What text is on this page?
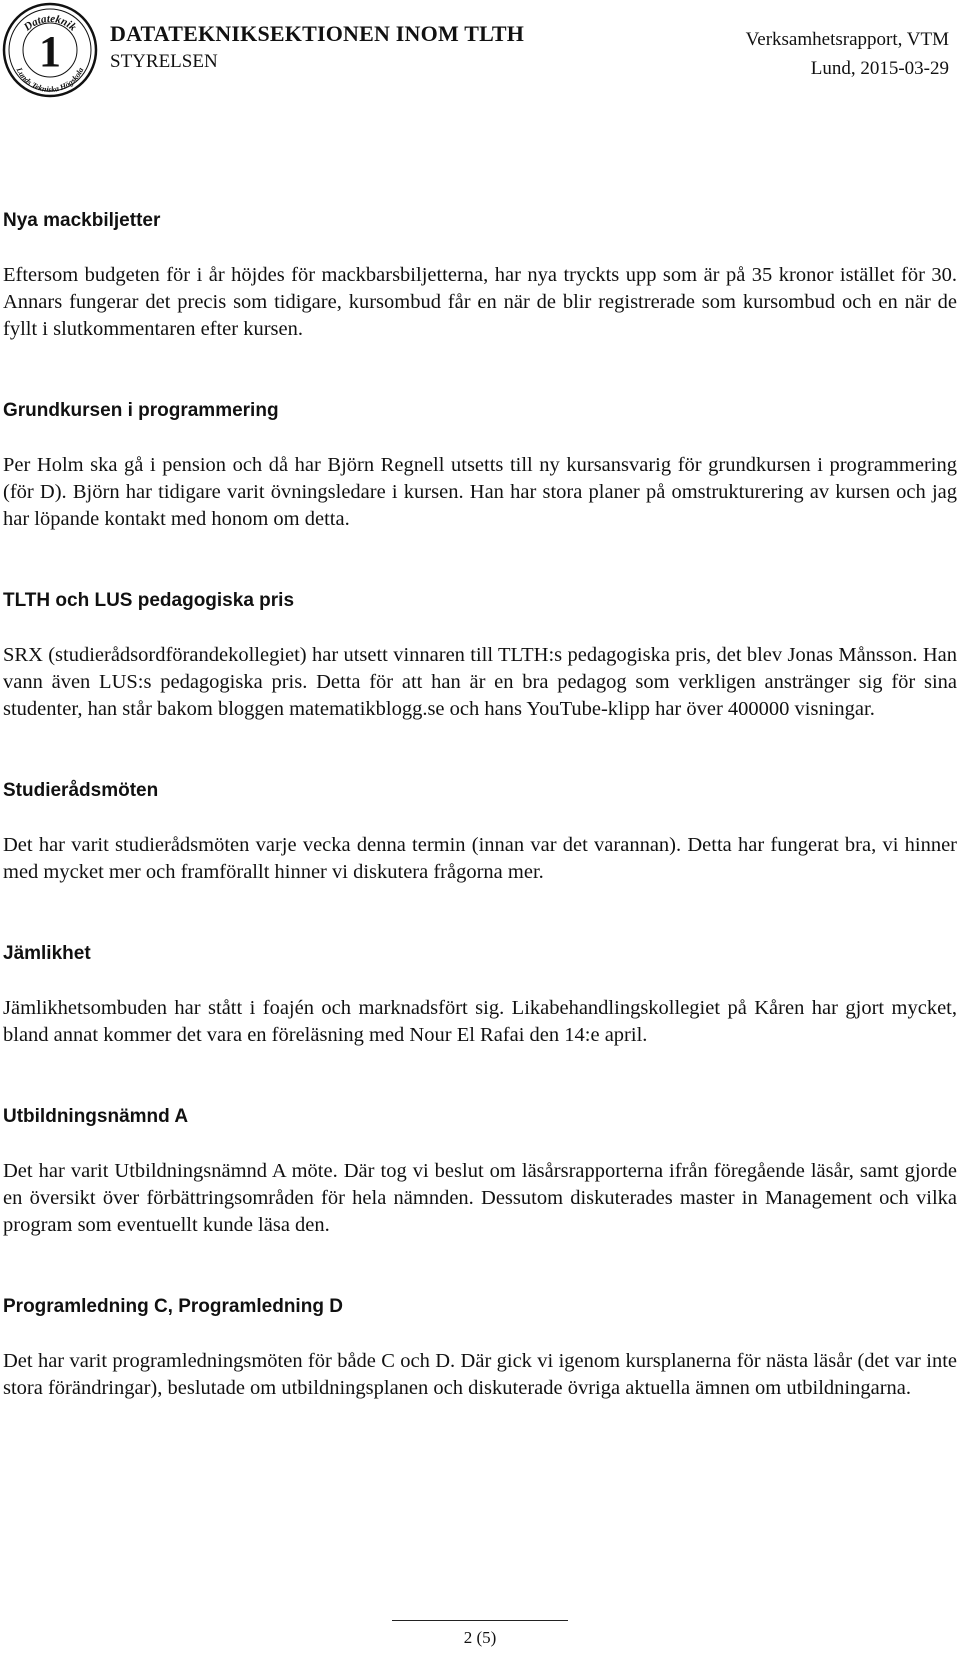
Datateknik
Lunds Tekniska Högskola
1 DATATEKNIKSEKTIONEN INOM TLTH
STYRELSEN
Verksamhetsrapport, VTM
Lund, 2015-03-29
Nya mackbiljetter

Eftersom budgeten för i år höjdes för mackbarsbiljetterna, har nya tryckts upp som är på 35 kronor istället för 30. Annars fungerar det precis som tidigare, kursombud får en när de blir registrerade som kursombud och en när de fyllt i slutkommentaren efter kursen.

Grundkursen i programmering

Per Holm ska gå i pension och då har Björn Regnell utsetts till ny kursansvarig för grundkursen i programmering (för D). Björn har tidigare varit övningsledare i kursen. Han har stora planer på omstrukturering av kursen och jag har löpande kontakt med honom om detta.

TLTH och LUS pedagogiska pris

SRX (studierådsordförandekollegiet) har utsett vinnaren till TLTH:s pedagogiska pris, det blev Jonas Månsson. Han vann även LUS:s pedagogiska pris. Detta för att han är en bra pedagog som verkligen anstränger sig för sina studenter, han står bakom bloggen matematikblogg.se och hans YouTube-klipp har över 400000 visningar.

Studierådsmöten

Det har varit studierådsmöten varje vecka denna termin (innan var det varannan). Detta har fungerat bra, vi hinner med mycket mer och framförallt hinner vi diskutera frågorna mer.

Jämlikhet

Jämlikhetsombuden har stått i foajén och marknadsfört sig. Likabehandlingskollegiet på Kåren har gjort mycket, bland annat kommer det vara en föreläsning med Nour El Rafai den 14:e april.

Utbildningsnämnd A

Det har varit Utbildningsnämnd A möte. Där tog vi beslut om läsårsrapporterna ifrån föregående läsår, samt gjorde en översikt över förbättringsområden för hela nämnden. Dessutom diskuterades master in Management och vilka program som eventuellt kunde läsa den.

Programledning C, Programledning D

Det har varit programledningsmöten för både C och D. Där gick vi igenom kursplanerna för nästa läsår (det var inte stora förändringar), beslutade om utbildningsplanen och diskuterade övriga aktuella ämnen om utbildningarna.

2 (5)
